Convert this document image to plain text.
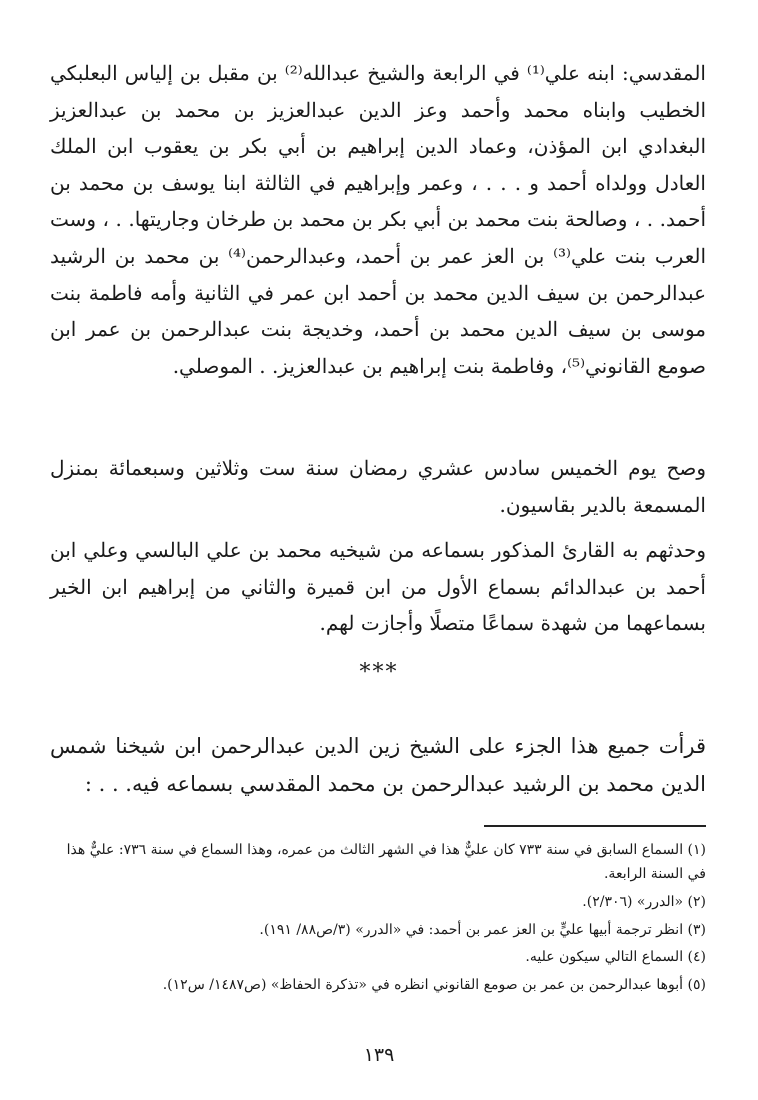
المقدسي: ابنه علي⁽¹⁾ في الرابعة والشيخ عبدالله⁽²⁾ بن مقبل بن إلياس البعلبكي الخطيب وابناه محمد وأحمد وعز الدين عبدالعزيز بن محمد بن عبدالعزيز البغدادي ابن المؤذن، وعماد الدين إبراهيم بن أبي بكر بن يعقوب ابن الملك العادل وولداه أحمد و . . . ، وعمر وإبراهيم في الثالثة ابنا يوسف بن محمد بن أحمد. . ، وصالحة بنت محمد بن أبي بكر بن محمد بن طرخان وجاريتها. . ، وست العرب بنت علي⁽³⁾ بن العز عمر بن أحمد، وعبدالرحمن⁽⁴⁾ بن محمد بن الرشيد عبدالرحمن بن سيف الدين محمد بن أحمد ابن عمر في الثانية وأمه فاطمة بنت موسى بن سيف الدين محمد بن أحمد، وخديجة بنت عبدالرحمن بن عمر ابن صومع القانوني⁽⁵⁾، وفاطمة بنت إبراهيم بن عبدالعزيز. . الموصلي.

وصح يوم الخميس سادس عشري رمضان سنة ست وثلاثين وسبعمائة بمنزل المسمعة بالدير بقاسيون.

وحدثهم به القارئ المذكور بسماعه من شيخيه محمد بن علي البالسي وعلي ابن أحمد بن عبدالدائم بسماع الأول من ابن قميرة والثاني من إبراهيم ابن الخير بسماعهما من شهدة سماعًا متصلًا وأجازت لهم.

***

قرأت جميع هذا الجزء على الشيخ زين الدين عبدالرحمن ابن شيخنا شمس الدين محمد بن الرشيد عبدالرحمن بن محمد المقدسي بسماعه فيه. . . :

(١) السماع السابق في سنة ٧٣٣ كان عليٌّ هذا في الشهر الثالث من عمره، وهذا السماع في سنة ٧٣٦: عليٌّ هذا في السنة الرابعة.
(٢) «الدرر» (٢/٣٠٦).
(٣) انظر ترجمة أبيها عليٍّ بن العز عمر بن أحمد: في «الدرر» (٣/ص٨٨/ ١٩١).
(٤) السماع التالي سيكون عليه.
(٥) أبوها عبدالرحمن بن عمر بن صومع القانوني انظره في «تذكرة الحفاظ» (ص١٤٨٧/ س١٢).
١٣٩
